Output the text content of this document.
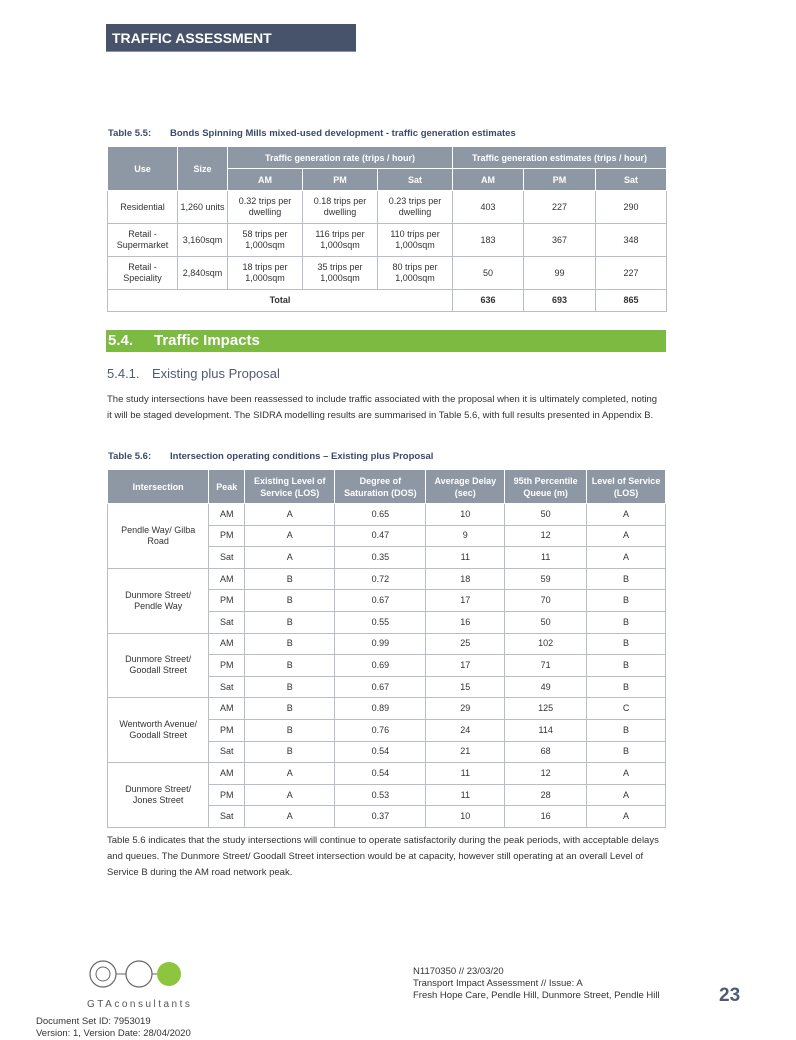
TRAFFIC ASSESSMENT
Table 5.5: Bonds Spinning Mills mixed-used development - traffic generation estimates
Use	Size	Traffic generation rate (trips / hour)			Traffic generation estimates (trips / hour)		
		AM	PM	Sat	AM	PM	Sat
Residential	1,260 units	0.32 trips per dwelling	0.18 trips per dwelling	0.23 trips per dwelling	403	227	290
Retail - Supermarket	3,160sqm	58 trips per 1,000sqm	116 trips per 1,000sqm	110 trips per 1,000sqm	183	367	348
Retail - Speciality	2,840sqm	18 trips per 1,000sqm	35 trips per 1,000sqm	80 trips per 1,000sqm	50	99	227
Total					636	693	865
5.4. Traffic Impacts
5.4.1. Existing plus Proposal
The study intersections have been reassessed to include traffic associated with the proposal when it is ultimately completed, noting it will be staged development. The SIDRA modelling results are summarised in Table 5.6, with full results presented in Appendix B.
Table 5.6: Intersection operating conditions – Existing plus Proposal
Intersection	Peak	Existing Level of Service (LOS)	Degree of Saturation (DOS)	Average Delay (sec)	95th Percentile Queue (m)	Level of Service (LOS)
Pendle Way/ Gilba Road	AM	A	0.65	10	50	A
	PM	A	0.47	9	12	A
	Sat	A	0.35	11	11	A
Dunmore Street/ Pendle Way	AM	B	0.72	18	59	B
	PM	B	0.67	17	70	B
	Sat	B	0.55	16	50	B
Dunmore Street/ Goodall Street	AM	B	0.99	25	102	B
	PM	B	0.69	17	71	B
	Sat	B	0.67	15	49	B
Wentworth Avenue/ Goodall Street	AM	B	0.89	29	125	C
	PM	B	0.76	24	114	B
	Sat	B	0.54	21	68	B
Dunmore Street/ Jones Street	AM	A	0.54	11	12	A
	PM	A	0.53	11	28	A
	Sat	A	0.37	10	16	A
Table 5.6 indicates that the study intersections will continue to operate satisfactorily during the peak periods, with acceptable delays and queues. The Dunmore Street/ Goodall Street intersection would be at capacity, however still operating at an overall Level of Service B during the AM road network peak.
GTAconsultants
N1170350 // 23/03/20
Transport Impact Assessment // Issue: A
Fresh Hope Care, Pendle Hill, Dunmore Street, Pendle Hill	23
Document Set ID: 7953019
Version: 1, Version Date: 28/04/2020
